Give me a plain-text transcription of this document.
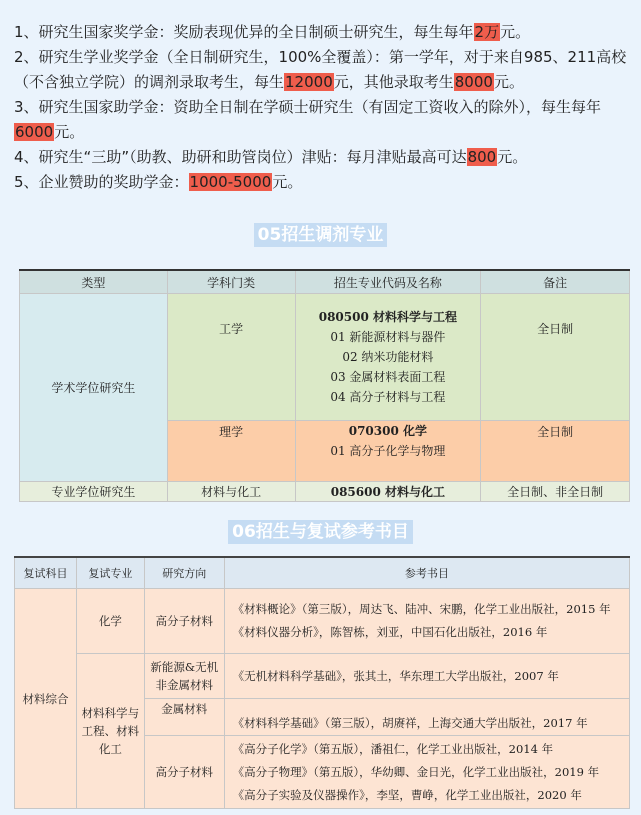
1、研究生国家奖学金：奖励表现优异的全日制硕士研究生，每生每年2万元。
2、研究生学业奖学金（全日制研究生，100%全覆盖）：第一学年，对于来自985、211高校（不含独立学院）的调剂录取考生，每生12000元，其他录取考生8000元。
3、研究生国家助学金：资助全日制在学硕士研究生（有固定工资收入的除外），每生每年6000元。
4、研究生“三助”（助教、助研和助管岗位）津贴：每月津贴最高可达800元。
5、企业赞助的奖助学金：1000-5000元。
05招生调剂专业
类型	学科门类	招生专业代码及名称	备注
学术学位研究生	工学	080500 材料科学与工程
01 新能源材料与器件
02 纳米功能材料
03 金属材料表面工程
04 高分子材料与工程	全日制
	理学	070300 化学
01 高分子化学与物理	全日制
专业学位研究生	材料与化工	085600 材料与化工	全日制、非全日制
06招生与复试参考书目
复试科目	复试专业	研究方向	参考书目
材料综合	化学	高分子材料	《材料概论》（第三版），周达飞、陆冲、宋鹏，化学工业出版社，2015 年
《材料仪器分析》，陈智栋，刘亚，中国石化出版社，2016 年

	材料科学与工程、材料化工	新能源&无机非金属材料	《无机材料科学基础》，张其土，华东理工大学出版社，2007 年

		金属材料	《材料科学基础》（第三版），胡赓祥，上海交通大学出版社，2017 年

		高分子材料	《高分子化学》（第五版），潘祖仁，化学工业出版社，2014 年
《高分子物理》（第五版），华幼卿、金日光，化学工业出版社，2019 年
《高分子实验及仪器操作》，李坚，曹峥，化学工业出版社，2020 年
